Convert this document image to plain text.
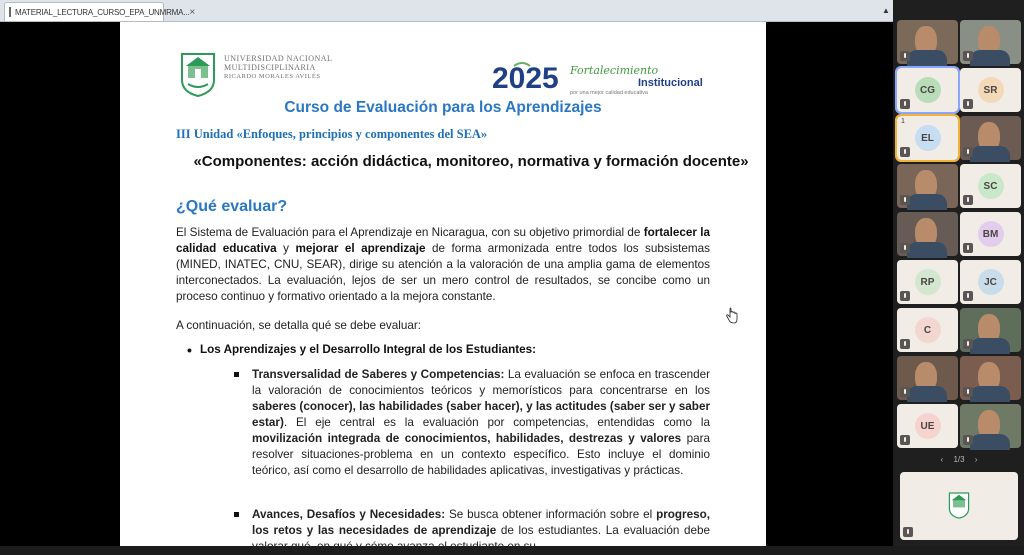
MATERIAL_LECTURA_CURSO_EPA_UNMRMA... ×	▲
UNIVERSIDAD NACIONAL
MULTIDISCIPLINARIA
RICARDO MORALES AVILÉS	2025 Fortalecimiento
Institucional
por una mejor calidad educativa
Curso de Evaluación para los Aprendizajes
III Unidad «Enfoques, principios y componentes del SEA»
«Componentes: acción didáctica, monitoreo, normativa y formación docente»
¿Qué evaluar?
El Sistema de Evaluación para el Aprendizaje en Nicaragua, con su objetivo primordial de fortalecer la calidad educativa y mejorar el aprendizaje de forma armonizada entre todos los subsistemas (MINED, INATEC, CNU, SEAR), dirige su atención a la valoración de una amplia gama de elementos interconectados. La evaluación, lejos de ser un mero control de resultados, se concibe como un proceso continuo y formativo orientado a la mejora constante.
A continuación, se detalla qué se debe evaluar:
• Los Aprendizajes y el Desarrollo Integral de los Estudiantes:
Transversalidad de Saberes y Competencias: La evaluación se enfoca en trascender la valoración de conocimientos teóricos y memorísticos para concentrarse en los saberes (conocer), las habilidades (saber hacer), y las actitudes (saber ser y saber estar). El eje central es la evaluación por competencias, entendidas como la movilización integrada de conocimientos, habilidades, destrezas y valores para resolver situaciones-problema en un contexto específico. Esto incluye el dominio teórico, así como el desarrollo de habilidades aplicativas, investigativas y prácticas.
Avances, Desafíos y Necesidades: Se busca obtener información sobre el progreso, los retos y las necesidades de aprendizaje de los estudiantes. La evaluación debe valorar qué, en qué y cómo avanza el estudiante en su
CG	SR
EL
1
SC
BM
RP	JC
C
UE
‹ 1/3 ›
